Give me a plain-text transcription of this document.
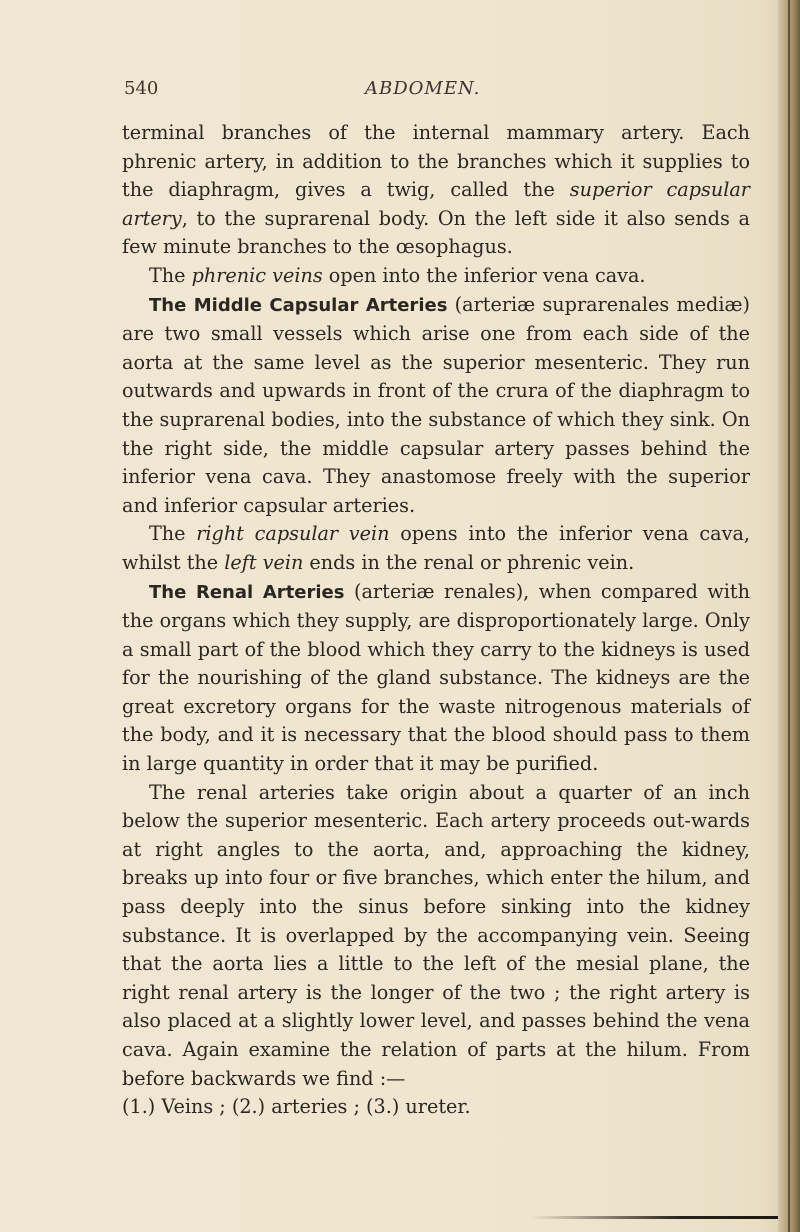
540	ABDOMEN.

terminal branches of the internal mammary artery. Each phrenic artery, in addition to the branches which it supplies to the diaphragm, gives a twig, called the superior capsular artery, to the suprarenal body. On the left side it also sends a few minute branches to the œsophagus.

The phrenic veins open into the inferior vena cava.

The Middle Capsular Arteries (arteriæ suprarenales mediæ) are two small vessels which arise one from each side of the aorta at the same level as the superior mesenteric. They run outwards and upwards in front of the crura of the diaphragm to the suprarenal bodies, into the substance of which they sink. On the right side, the middle capsular artery passes behind the inferior vena cava. They anastomose freely with the superior and inferior capsular arteries.

The right capsular vein opens into the inferior vena cava, whilst the left vein ends in the renal or phrenic vein.

The Renal Arteries (arteriæ renales), when compared with the organs which they supply, are disproportionately large. Only a small part of the blood which they carry to the kidneys is used for the nourishing of the gland substance. The kidneys are the great excretory organs for the waste nitrogenous materials of the body, and it is necessary that the blood should pass to them in large quantity in order that it may be purified.

The renal arteries take origin about a quarter of an inch below the superior mesenteric. Each artery proceeds out-wards at right angles to the aorta, and, approaching the kidney, breaks up into four or five branches, which enter the hilum, and pass deeply into the sinus before sinking into the kidney substance. It is overlapped by the accompanying vein. Seeing that the aorta lies a little to the left of the mesial plane, the right renal artery is the longer of the two ; the right artery is also placed at a slightly lower level, and passes behind the vena cava. Again examine the relation of parts at the hilum. From before backwards we find :—

(1.) Veins ; (2.) arteries ; (3.) ureter.
